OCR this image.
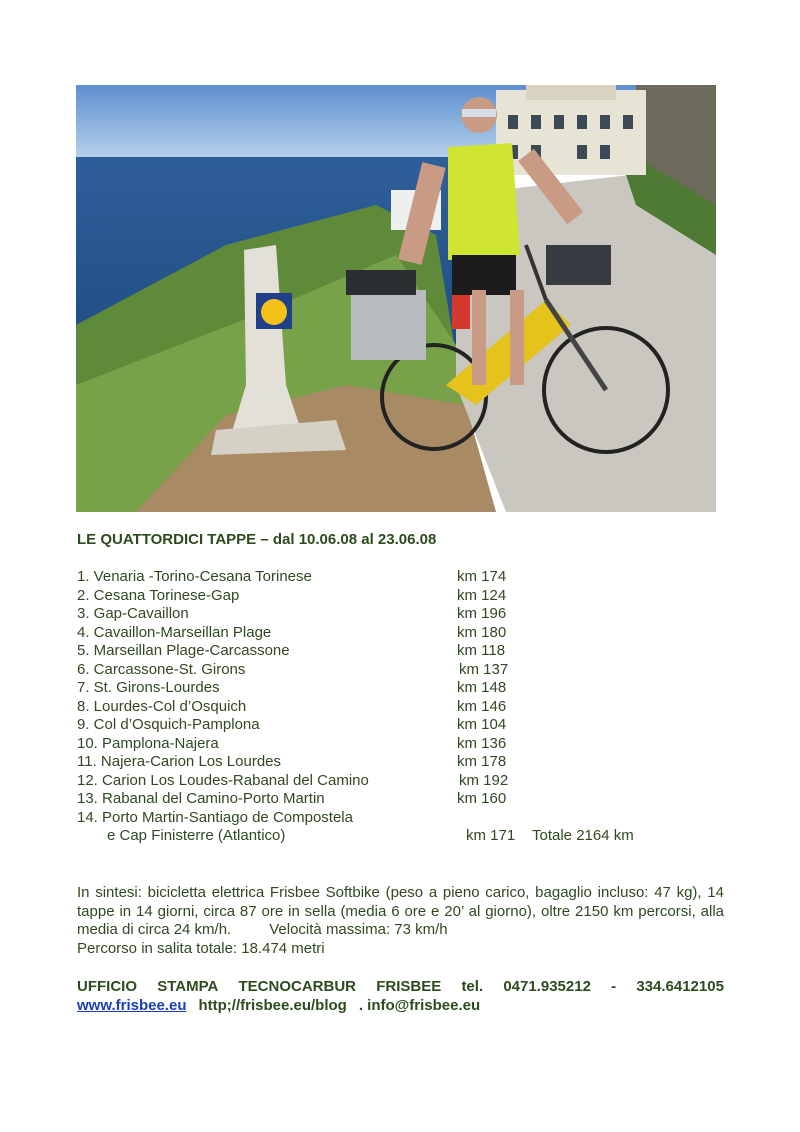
LE QUATTORDICI TAPPE – dal 10.06.08 al 23.06.08
1. Venaria -Torino-Cesana Torinese	km 174
2. Cesana Torinese-Gap	km 124
3. Gap-Cavaillon	km 196
4. Cavaillon-Marseillan Plage	km 180
5. Marseillan Plage-Carcassone	km 118
6. Carcassone-St. Girons	km 137
7. St. Girons-Lourdes	km 148
8. Lourdes-Col d’Osquich	km 146
9. Col d’Osquich-Pamplona	km 104
10. Pamplona-Najera	km 136
11. Najera-Carion Los Lourdes	km 178
12. Carion Los Loudes-Rabanal del Camino	km 192
13. Rabanal del Camino-Porto Martin	km 160
14. Porto Martin-Santiago de Compostela
e Cap Finisterre (Atlantico)	km 171 Totale 2164 km

In sintesi: bicicletta elettrica Frisbee Softbike (peso a pieno carico, bagaglio incluso: 47 kg), 14 tappe in 14 giorni, circa 87 ore in sella (media 6 ore e 20’ al giorno), oltre 2150 km percorsi, alla media di circa 24 km/h.	Velocità massima: 73 km/h

Percorso in salita totale: 18.474 metri
UFFICIO STAMPA TECNOCARBUR FRISBEE tel. 0471.935212 - 334.6412105
www.frisbee.eu http;//frisbee.eu/blog . info@frisbee.eu
